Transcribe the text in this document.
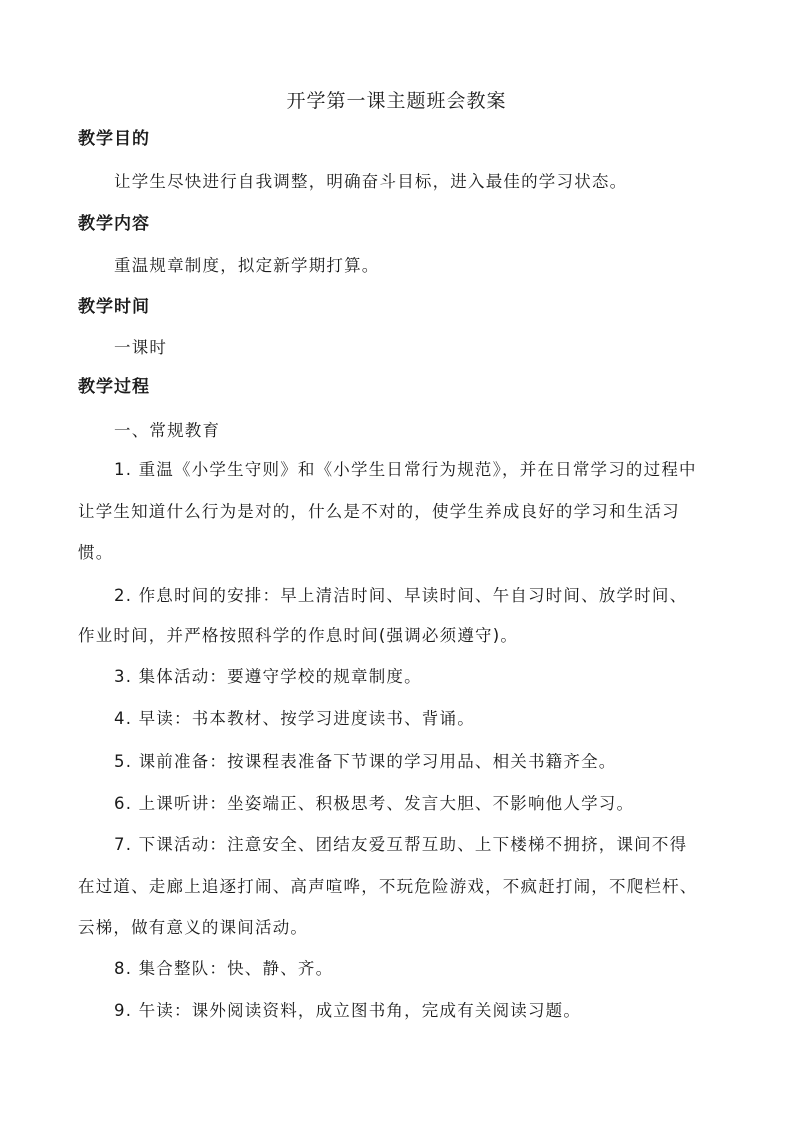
开学第一课主题班会教案
教学目的
让学生尽快进行自我调整，明确奋斗目标，进入最佳的学习状态。
教学内容
重温规章制度，拟定新学期打算。
教学时间
一课时
教学过程
一、常规教育
1. 重温《小学生守则》和《小学生日常行为规范》，并在日常学习的过程中
让学生知道什么行为是对的，什么是不对的，使学生养成良好的学习和生活习
惯。
2. 作息时间的安排：早上清洁时间、早读时间、午自习时间、放学时间、
作业时间，并严格按照科学的作息时间(强调必须遵守)。
3. 集体活动：要遵守学校的规章制度。
4. 早读：书本教材、按学习进度读书、背诵。
5. 课前准备：按课程表准备下节课的学习用品、相关书籍齐全。
6. 上课听讲：坐姿端正、积极思考、发言大胆、不影响他人学习。
7. 下课活动：注意安全、团结友爱互帮互助、上下楼梯不拥挤，课间不得
在过道、走廊上追逐打闹、高声喧哗，不玩危险游戏，不疯赶打闹，不爬栏杆、
云梯，做有意义的课间活动。
8. 集合整队：快、静、齐。
9. 午读：课外阅读资料，成立图书角，完成有关阅读习题。
